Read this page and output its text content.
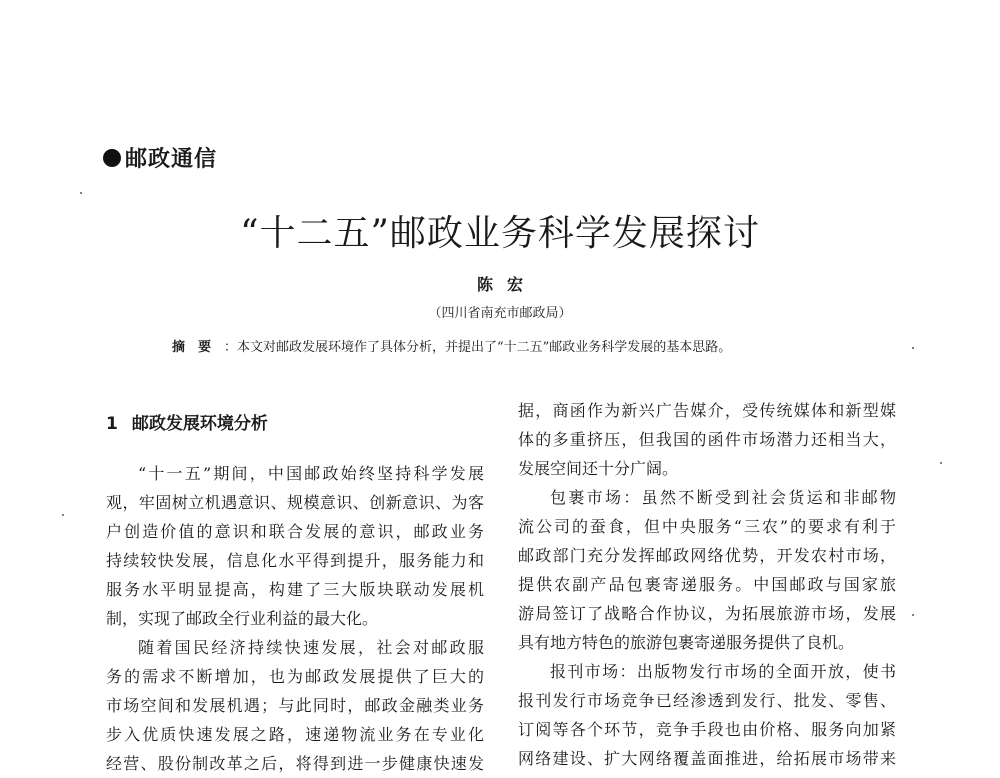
邮政通信
“十二五”邮政业务科学发展探讨
陈宏
（四川省南充市邮政局）
摘要：本文对邮政发展环境作了具体分析，并提出了“十二五”邮政业务科学发展的基本思路。
1 邮政发展环境分析
“十一五”期间，中国邮政始终坚持科学发展
观，牢固树立机遇意识、规模意识、创新意识、为客
户创造价值的意识和联合发展的意识，邮政业务
持续较快发展，信息化水平得到提升，服务能力和
服务水平明显提高，构建了三大版块联动发展机
制，实现了邮政全行业利益的最大化。
随着国民经济持续快速发展，社会对邮政服
务的需求不断增加，也为邮政发展提供了巨大的
市场空间和发展机遇；与此同时，邮政金融类业务
步入优质快速发展之路，速递物流业务在专业化
经营、股份制改革之后，将得到进一步健康快速发
据，商函作为新兴广告媒介，受传统媒体和新型媒
体的多重挤压，但我国的函件市场潜力还相当大，
发展空间还十分广阔。
包裹市场：虽然不断受到社会货运和非邮物
流公司的蚕食，但中央服务“三农”的要求有利于
邮政部门充分发挥邮政网络优势，开发农村市场，
提供农副产品包裹寄递服务。中国邮政与国家旅
游局签订了战略合作协议，为拓展旅游市场，发展
具有地方特色的旅游包裹寄递服务提供了良机。
报刊市场：出版物发行市场的全面开放，使书
报刊发行市场竞争已经渗透到发行、批发、零售、
订阅等各个环节，竞争手段也由价格、服务向加紧
网络建设、扩大网络覆盖面推进，给拓展市场带来
